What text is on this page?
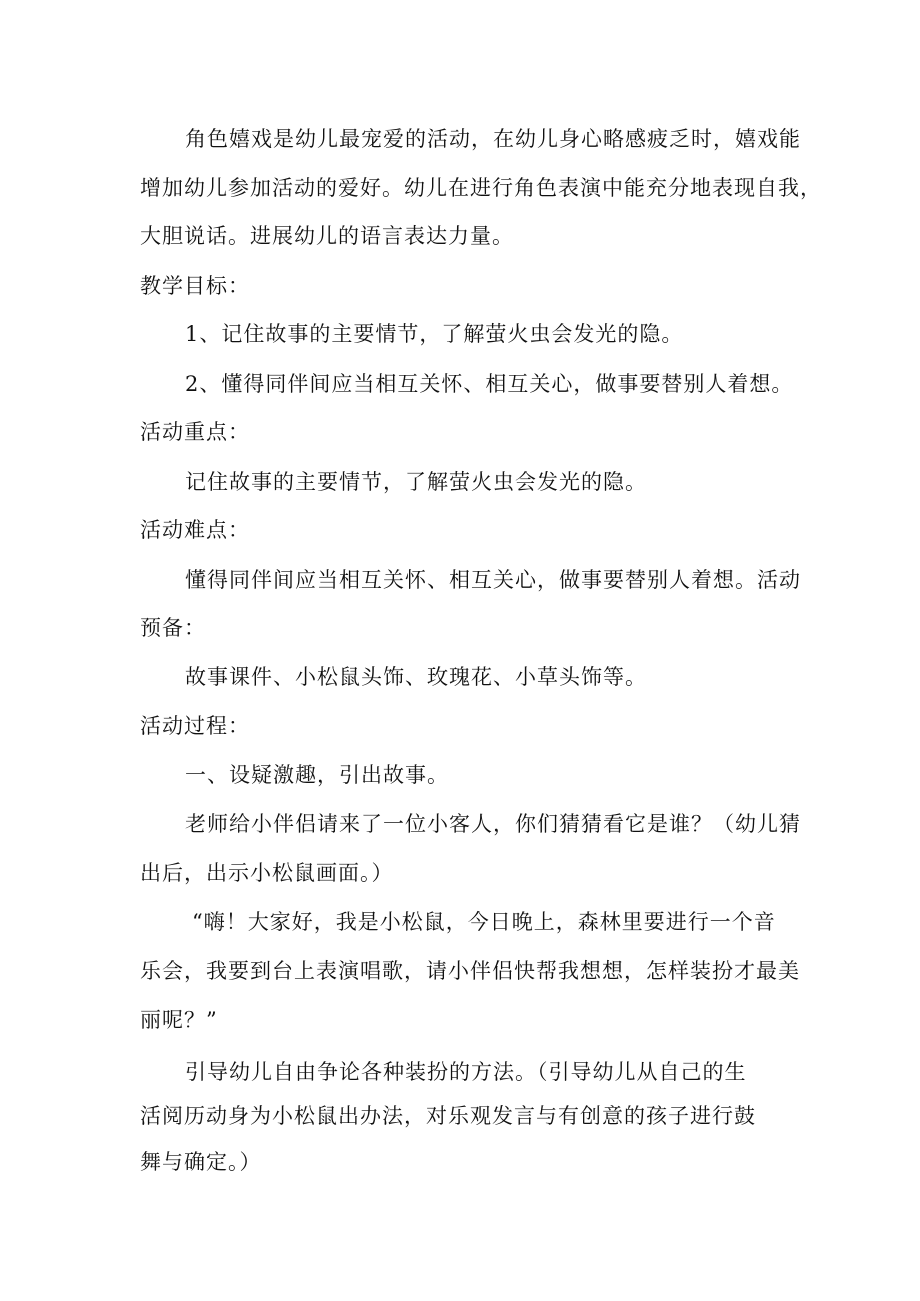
角色嬉戏是幼儿最宠爱的活动，在幼儿身心略感疲乏时，嬉戏能
增加幼儿参加活动的爱好。幼儿在进行角色表演中能充分地表现自我，
大胆说话。进展幼儿的语言表达力量。
教学目标：
1、记住故事的主要情节，了解萤火虫会发光的隐。
2、懂得同伴间应当相互关怀、相互关心，做事要替别人着想。
活动重点：
记住故事的主要情节，了解萤火虫会发光的隐。
活动难点：
懂得同伴间应当相互关怀、相互关心，做事要替别人着想。活动
预备：
故事课件、小松鼠头饰、玫瑰花、小草头饰等。
活动过程：
一、设疑激趣，引出故事。
老师给小伴侣请来了一位小客人，你们猜猜看它是谁？（幼儿猜
出后，出示小松鼠画面。）
“嗨！大家好，我是小松鼠，今日晚上，森林里要进行一个音
乐会，我要到台上表演唱歌，请小伴侣快帮我想想，怎样装扮才最美
丽呢？”
引导幼儿自由争论各种装扮的方法。（引导幼儿从自己的生
活阅历动身为小松鼠出办法，对乐观发言与有创意的孩子进行鼓
舞与确定。）
